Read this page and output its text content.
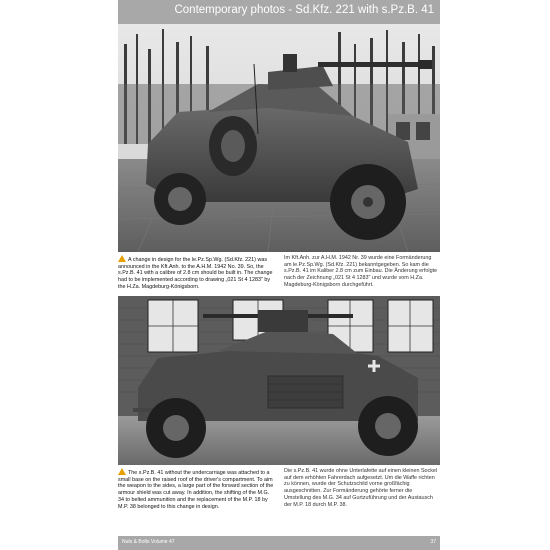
Contemporary photos - Sd.Kfz. 221 with s.Pz.B. 41
A change in design for the le.Pz.Sp.Wg. (Sd.Kfz. 221) was announced in the Kft.Anh. to the A.H.M. 1942 No. 39. So, the s.Pz.B. 41 with a calibre of 2.8 cm should be built in. The change had to be implemented according to drawing „021 St 4 1283" by the H.Za. Magdeburg-Königsborn.
Im Kft.Anh. zur A.H.M. 1942 Nr. 39 wurde eine Formänderung am le.Pz.Sp.Wg. (Sd.Kfz. 221) bekanntgegeben. So kam die s.Pz.B. 41 im Kaliber 2.8 cm zum Einbau. Die Änderung erfolgte nach der Zeichnung „021 St 4 1283" und wurde vom H.Za. Magdeburg-Königsborn durchgeführt.
The s.Pz.B. 41 without the undercarriage was attached to a small base on the raised roof of the driver's compartment. To aim the weapon to the sides, a large part of the forward section of the armour shield was cut away. In addition, the shifting of the M.G. 34 to belted ammunition and the replacement of the M.P. 18 by M.P. 38 belonged to this change in design.
Die s.Pz.B. 41 wurde ohne Unterlafette auf einen kleinen Sockel auf dem erhöhten Fahrerdach aufgesetzt. Um die Waffe richten zu können, wurde der Schutzschild vorne großfächig ausgeschnitten. Zur Formänderung gehörte ferner die Umstellung des M.G. 34 auf Gurtzuführung und der Austausch der M.P. 18 durch M.P. 38.
Nuts & Bolts Volume 47	37
